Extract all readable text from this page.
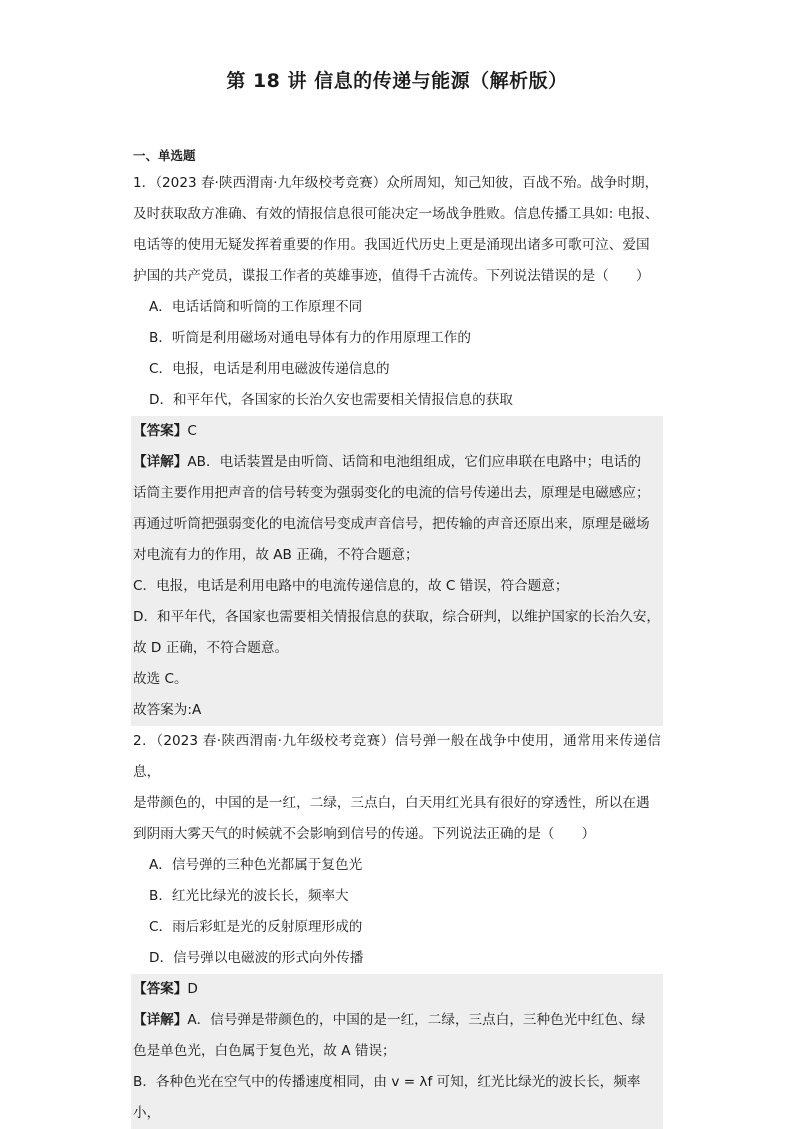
第 18 讲 信息的传递与能源（解析版）
一、单选题

1．（2023 春·陕西渭南·九年级校考竞赛）众所周知，知己知彼，百战不殆。战争时期，

及时获取敌方准确、有效的情报信息很可能决定一场战争胜败。信息传播工具如: 电报、

电话等的使用无疑发挥着重要的作用。我国近代历史上更是涌现出诸多可歌可泣、爱国

护国的共产党员，谍报工作者的英雄事迹，值得千古流传。下列说法错误的是（　　）

A．电话话筒和听筒的工作原理不同

B．听筒是利用磁场对通电导体有力的作用原理工作的

C．电报，电话是利用电磁波传递信息的

D．和平年代，各国家的长治久安也需要相关情报信息的获取

【答案】C

【详解】AB．电话装置是由听筒、话筒和电池组组成，它们应串联在电路中；电话的

话筒主要作用把声音的信号转变为强弱变化的电流的信号传递出去，原理是电磁感应；

再通过听筒把强弱变化的电流信号变成声音信号，把传输的声音还原出来，原理是磁场

对电流有力的作用，故 AB 正确，不符合题意；

C．电报，电话是利用电路中的电流传递信息的，故 C 错误，符合题意；

D．和平年代，各国家也需要相关情报信息的获取，综合研判，以维护国家的长治久安，

故 D 正确，不符合题意。

故选 C。

故答案为:A

2．（2023 春·陕西渭南·九年级校考竞赛）信号弹一般在战争中使用，通常用来传递信息，

是带颜色的，中国的是一红，二绿，三点白，白天用红光具有很好的穿透性，所以在遇

到阴雨大雾天气的时候就不会影响到信号的传递。下列说法正确的是（　　）

A．信号弹的三种色光都属于复色光

B．红光比绿光的波长长，频率大

C．雨后彩虹是光的反射原理形成的

D．信号弹以电磁波的形式向外传播

【答案】D

【详解】A．信号弹是带颜色的，中国的是一红，二绿，三点白，三种色光中红色、绿

色是单色光，白色属于复色光，故 A 错误；

B．各种色光在空气中的传播速度相同，由 v = λf 可知，红光比绿光的波长长，频率小，
